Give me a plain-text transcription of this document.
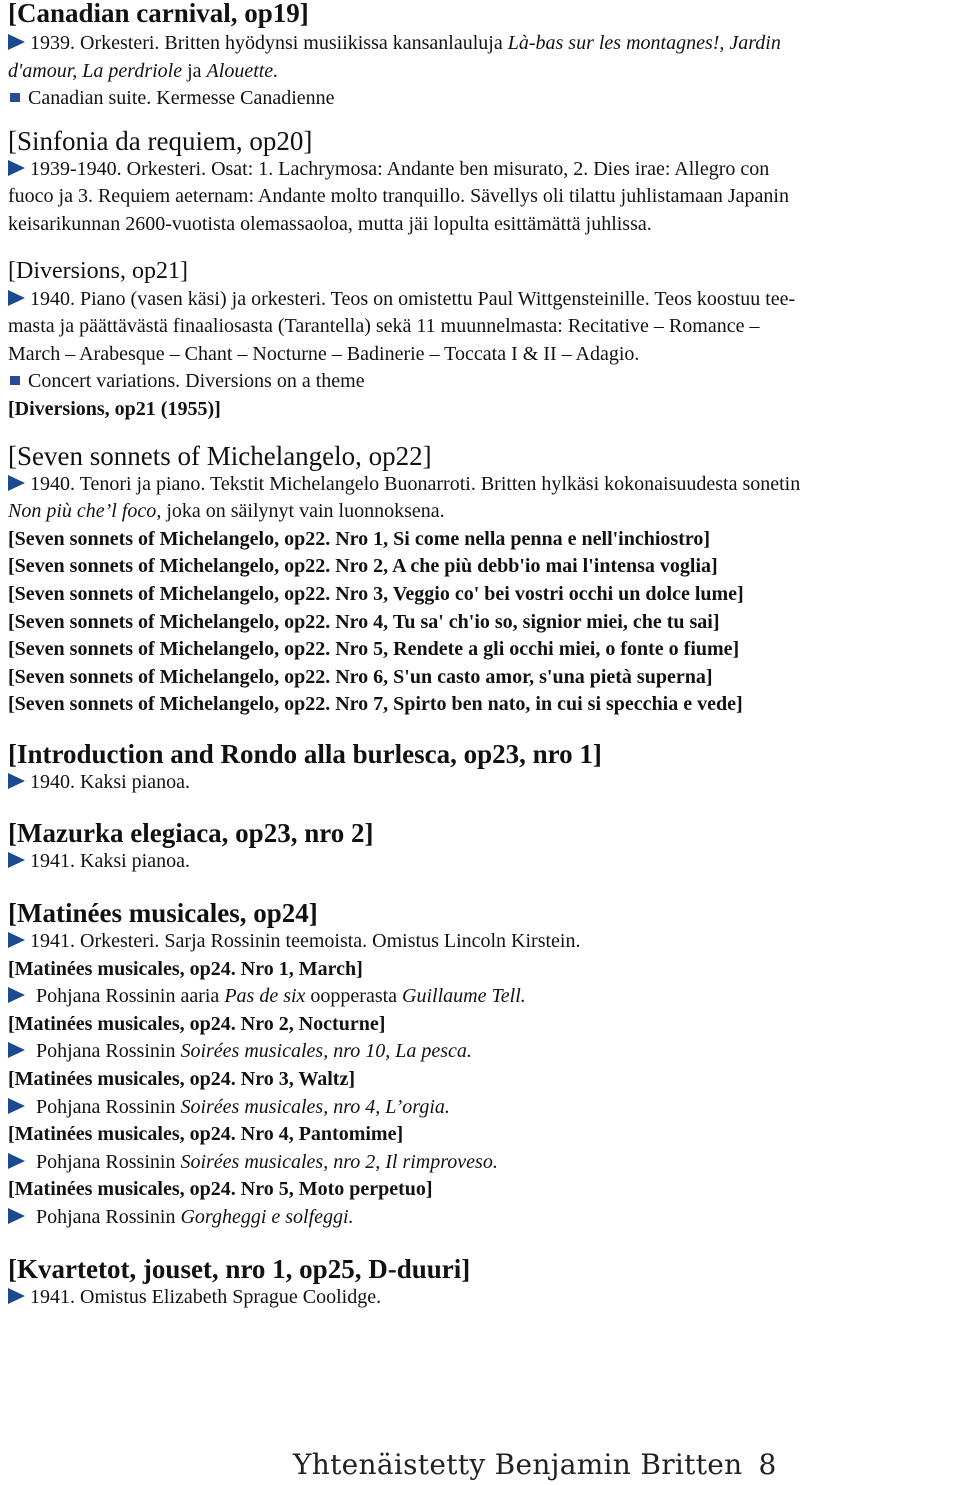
[Canadian carnival, op19]
1939. Orkesteri. Britten hyödynsi musiikissa kansanlauluja Là-bas sur les montagnes!, Jardin
d'amour, La perdriole ja Alouette.
Canadian suite. Kermesse Canadienne
[Sinfonia da requiem, op20]
1939-1940. Orkesteri. Osat: 1. Lachrymosa: Andante ben misurato, 2. Dies irae: Allegro con
fuoco ja 3. Requiem aeternam: Andante molto tranquillo. Sävellys oli tilattu juhlistamaan Japanin
keisarikunnan 2600-vuotista olemassaoloa, mutta jäi lopulta esittämättä juhlissa.
[Diversions, op21]
1940. Piano (vasen käsi) ja orkesteri. Teos on omistettu Paul Wittgensteinille. Teos koostuu tee-
masta ja päättävästä finaaliosasta (Tarantella) sekä 11 muunnelmasta: Recitative – Romance –
March – Arabesque – Chant – Nocturne – Badinerie – Toccata I & II – Adagio.
Concert variations. Diversions on a theme
[Diversions, op21 (1955)]
[Seven sonnets of Michelangelo, op22]
1940. Tenori ja piano. Tekstit Michelangelo Buonarroti. Britten hylkäsi kokonaisuudesta sonetin
Non più che’l foco, joka on säilynyt vain luonnoksena.
[Seven sonnets of Michelangelo, op22. Nro 1, Si come nella penna e nell'inchiostro]
[Seven sonnets of Michelangelo, op22. Nro 2, A che più debb'io mai l'intensa voglia]
[Seven sonnets of Michelangelo, op22. Nro 3, Veggio co' bei vostri occhi un dolce lume]
[Seven sonnets of Michelangelo, op22. Nro 4, Tu sa' ch'io so, signior miei, che tu sai]
[Seven sonnets of Michelangelo, op22. Nro 5, Rendete a gli occhi miei, o fonte o fiume]
[Seven sonnets of Michelangelo, op22. Nro 6, S'un casto amor, s'una pietà superna]
[Seven sonnets of Michelangelo, op22. Nro 7, Spirto ben nato, in cui si specchia e vede]
[Introduction and Rondo alla burlesca, op23, nro 1]
1940. Kaksi pianoa.
[Mazurka elegiaca, op23, nro 2]
1941. Kaksi pianoa.
[Matinées musicales, op24]
1941. Orkesteri. Sarja Rossinin teemoista. Omistus Lincoln Kirstein.
[Matinées musicales, op24. Nro 1, March]
Pohjana Rossinin aaria Pas de six oopperasta Guillaume Tell.
[Matinées musicales, op24. Nro 2, Nocturne]
Pohjana Rossinin Soirées musicales, nro 10, La pesca.
[Matinées musicales, op24. Nro 3, Waltz]
Pohjana Rossinin Soirées musicales, nro 4, L’orgia.
[Matinées musicales, op24. Nro 4, Pantomime]
Pohjana Rossinin Soirées musicales, nro 2, Il rimproveso.
[Matinées musicales, op24. Nro 5, Moto perpetuo]
Pohjana Rossinin Gorgheggi e solfeggi.
[Kvartetot, jouset, nro 1, op25, D-duuri]
1941. Omistus Elizabeth Sprague Coolidge.
Yhtenäistetty Benjamin Britten 8
